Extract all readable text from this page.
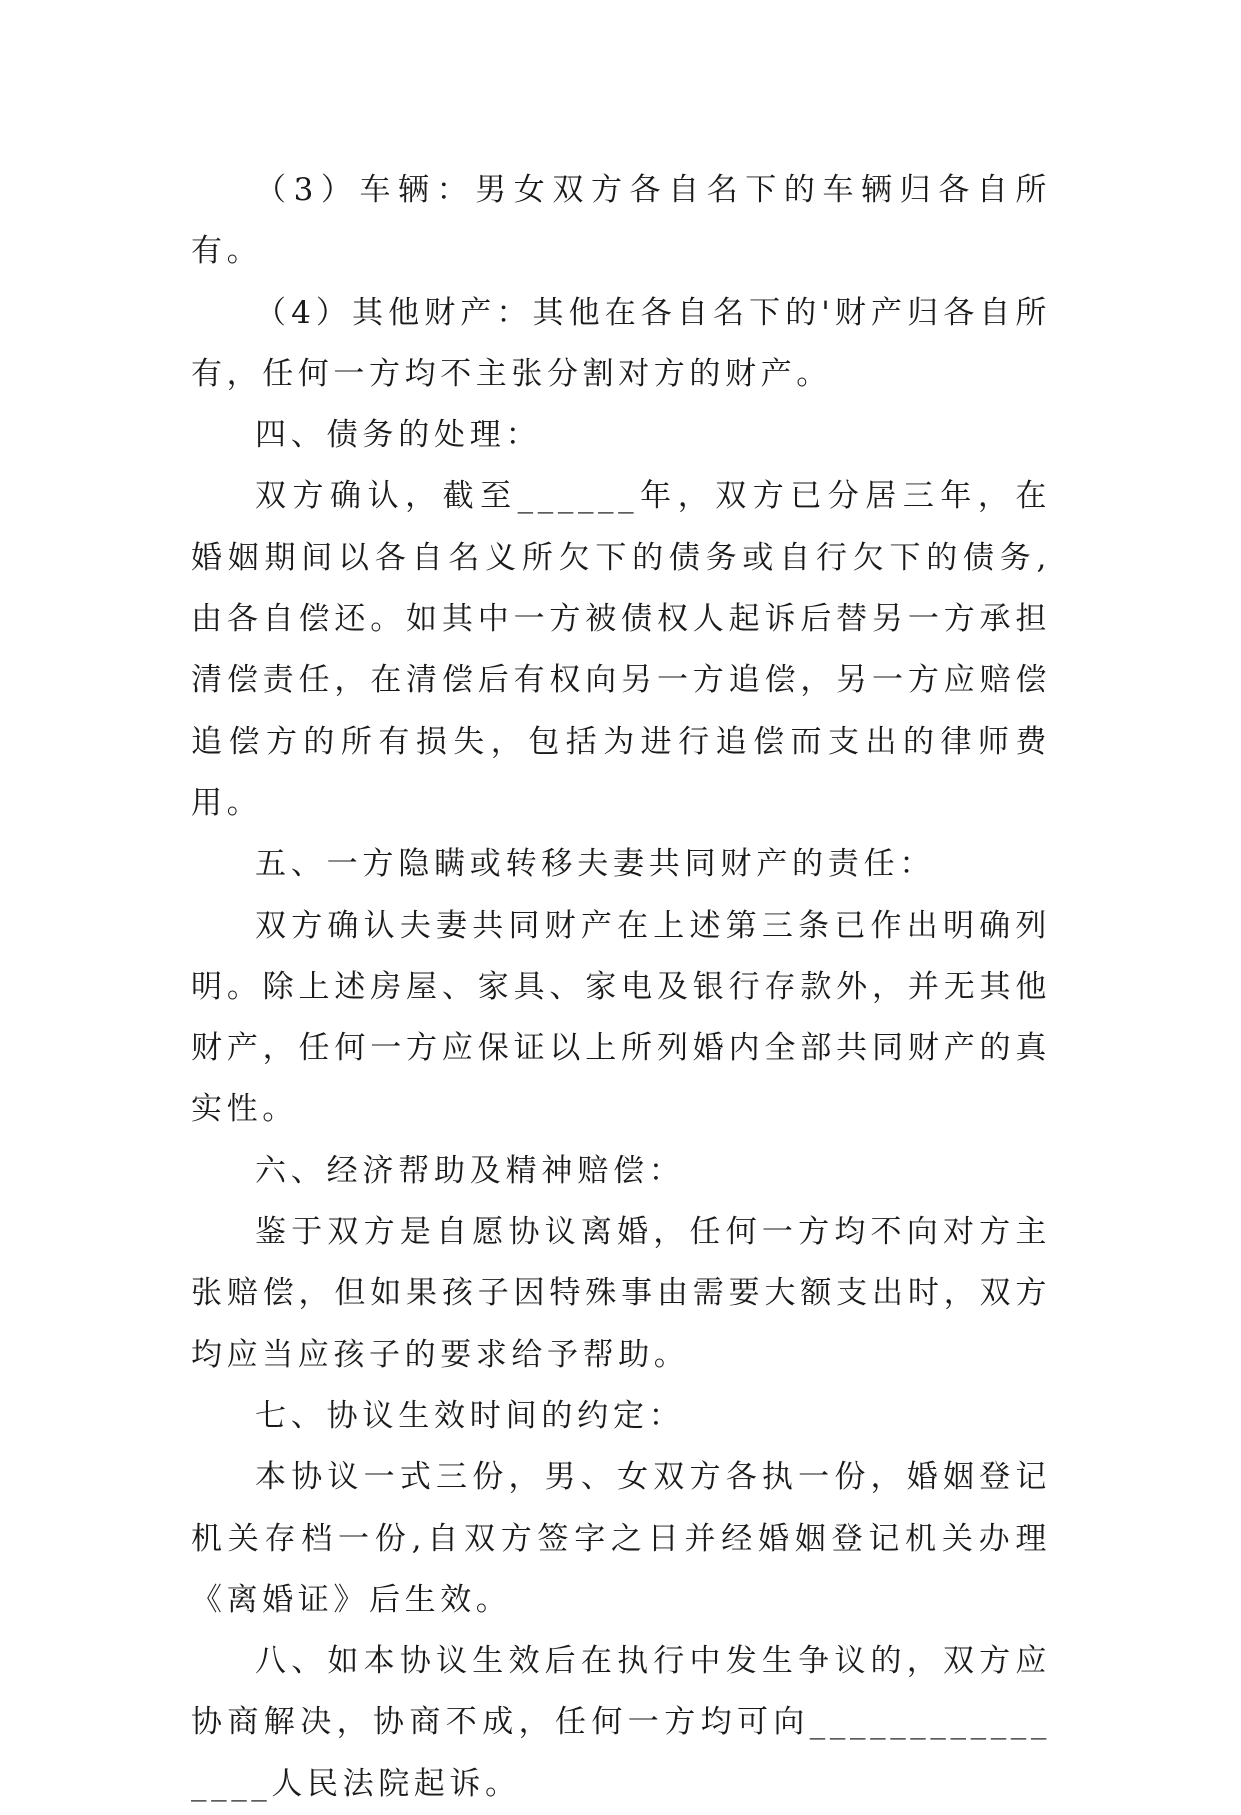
（3）车辆：男女双方各自名下的车辆归各自所有。

（4）其他财产：其他在各自名下的'财产归各自所有，任何一方均不主张分割对方的财产。

四、债务的处理：

双方确认，截至______年，双方已分居三年，在婚姻期间以各自名义所欠下的债务或自行欠下的债务,由各自偿还。如其中一方被债权人起诉后替另一方承担清偿责任，在清偿后有权向另一方追偿，另一方应赔偿追偿方的所有损失，包括为进行追偿而支出的律师费用。

五、一方隐瞒或转移夫妻共同财产的责任：

双方确认夫妻共同财产在上述第三条已作出明确列明。除上述房屋、家具、家电及银行存款外，并无其他财产，任何一方应保证以上所列婚内全部共同财产的真实性。

六、经济帮助及精神赔偿：

鉴于双方是自愿协议离婚，任何一方均不向对方主张赔偿，但如果孩子因特殊事由需要大额支出时，双方均应当应孩子的要求给予帮助。

七、协议生效时间的约定：

本协议一式三份，男、女双方各执一份，婚姻登记机关存档一份,自双方签字之日并经婚姻登记机关办理《离婚证》后生效。

八、如本协议生效后在执行中发生争议的，双方应协商解决，协商不成，任何一方均可向________________人民法院起诉。
